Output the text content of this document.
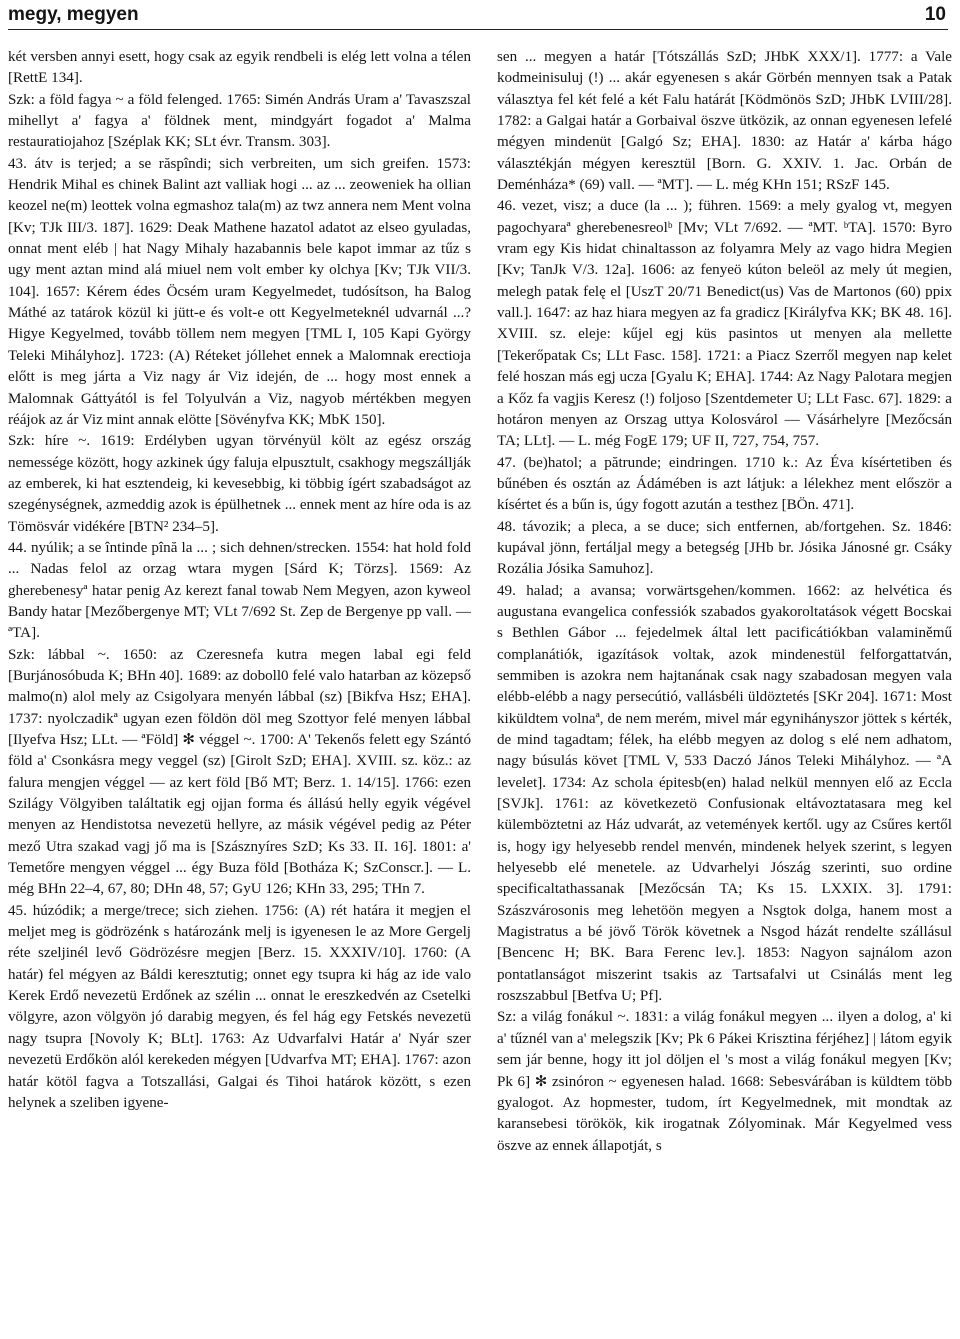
megy, megyen	10

két versben annyi esett, hogy csak az egyik rendbeli is elég lett volna a télen [RettE 134].

Szk: a föld fagya ~ a föld felenged. 1765: Simén András Uram a' Tavaszszal mihellyt a' fagya a' földnek ment, mindgyárt fogadot a' Malma restauratiojahoz [Széplak KK; SLt évr. Transm. 303].

43. átv is terjed; a se răspîndi; sich verbreiten, um sich greifen. 1573: Hendrik Mihal es chinek Balint azt valliak hogi ... az ... zeoweniek ha ollian keozel ne(m) leottek volna egmashoz tala(m) az twz annera nem Ment volna [Kv; TJk III/3. 187]. 1629: Deak Mathene hazatol adatot az elseo gyuladas, onnat ment eléb | hat Nagy Mihaly hazabannis bele kapot immar az tűz s ugy ment aztan mind alá miuel nem volt ember ky olchya [Kv; TJk VII/3. 104]. 1657: Kérem édes Öcsém uram Kegyelmedet, tudósítson, ha Balog Máthé az tatárok közül ki jütt-e és volt-e ott Kegyelmeteknél udvarnál ...? Higye Kegyelmed, tovább töllem nem megyen [TML I, 105 Kapi György Teleki Mihályhoz]. 1723: (A) Réteket jóllehet ennek a Malomnak erectioja előtt is meg járta a Viz nagy ár Viz idején, de ... hogy most ennek a Malomnak Gáttyától is fel Tolyulván a Viz, nagyob mértékben megyen réájok az ár Viz mint annak elötte [Sövényfva KK; MbK 150].

Szk: híre ~. 1619: Erdélyben ugyan törvényül költ az egész ország nemessége között, hogy azkinek úgy faluja elpusztult, csakhogy megszállják az emberek, ki hat esztendeig, ki kevesebbig, ki többig ígért szabadságot az szegénységnek, azmeddig azok is épülhetnek ... ennek ment az híre oda is az Tömösvár vidékére [BTN² 234–5].

44. nyúlik; a se întinde pînă la ... ; sich dehnen/strecken. 1554: hat hold fold ... Nadas felol az orzag wtara mygen [Sárd K; Törzs]. 1569: Az gherebenesyª hatar penig Az kerezt fanal towab Nem Megyen, azon kyweol Bandy hatar [Mezőbergenye MT; VLt 7/692 St. Zep de Bergenye pp vall. — ªTA].

Szk: lábbal ~. 1650: az Czeresnefa kutra megen labal egi feld [Burjánosóbuda K; BHn 40]. 1689: az doboll0 felé valo hatarban az közepső malmo(n) alol mely az Csigolyara menyén lábbal (sz) [Bikfva Hsz; EHA]. 1737: nyolczadikª ugyan ezen földön döl meg Szottyor felé menyen lábbal [Ilyefva Hsz; LLt. — ªFöld] ✻ véggel ~. 1700: A' Tekenős felett egy Szántó föld a' Csonkásra megy veggel (sz) [Girolt SzD; EHA]. XVIII. sz. köz.: az falura mengjen véggel — az kert föld [Bő MT; Berz. 1. 14/15]. 1766: ezen Szilágy Völgyiben találtatik egj ojjan forma és állású helly egyik végével menyen az Hendistotsa nevezetü hellyre, az másik végével pedig az Péter mező Utra szakad vagj jő ma is [Szásznyíres SzD; Ks 33. II. 16]. 1801: a' Temetőre mengyen véggel ... égy Buza föld [Botháza K; SzConscr.]. — L. még BHn 22–4, 67, 80; DHn 48, 57; GyU 126; KHn 33, 295; THn 7.

45. húzódik; a merge/trece; sich ziehen. 1756: (A) rét határa it megjen el meljet meg is gödrözénk s határozánk melj is igyenesen le az More Gergelj réte szeljinél levő Gödrözésre megjen [Berz. 15. XXXIV/10]. 1760: (A határ) fel mégyen az Báldi keresztutig; onnet egy tsupra ki hág az ide valo Kerek Erdő nevezetü Erdőnek az szélin ... onnat le ereszkedvén az Csetelki völgyre, azon völgyön jó darabig megyen, és fel hág egy Fetskés nevezetü nagy tsupra [Novoly K; BLt]. 1763: Az Udvarfalvi Határ a' Nyár szer nevezetü Erdőkön alól kerekeden mégyen [Udvarfva MT; EHA]. 1767: azon határ kötöl fagva a Totszallási, Galgai és Tihoi határok között, s ezen helynek a szeliben igyene-

sen ... megyen a határ [Tótszállás SzD; JHbK XXX/1]. 1777: a Vale kodmeinisuluj (!) ... akár egyenesen s akár Görbén mennyen tsak a Patak választya fel két felé a két Falu határát [Ködmönös SzD; JHbK LVIII/28]. 1782: a Galgai határ a Gorbaival öszve ütközik, az onnan egyenesen lefelé mégyen mindenüt [Galgó Sz; EHA]. 1830: az Határ a' kárba hágo választékján mégyen keresztül [Born. G. XXIV. 1. Jac. Orbán de Deménháza* (69) vall. — ªMT]. — L. még KHn 151; RSzF 145.

46. vezet, visz; a duce (la ... ); führen. 1569: a mely gyalog vt, megyen pagochyaraª gherebenesreolᵇ [Mv; VLt 7/692. — ªMT. ᵇTA]. 1570: Byro vram egy Kis hidat chinaltasson az folyamra Mely az vago hidra Megien [Kv; TanJk V/3. 12a]. 1606: az fenyeö kúton beleöl az mely út megien, melegh patak felę el [UszT 20/71 Benedict(us) Vas de Martonos (60) ppix vall.]. 1647: az haz hiara megyen az fa gradicz [Királyfva KK; BK 48. 16]. XVIII. sz. eleje: kűjel egj küs pasintos ut menyen ala mellette [Tekerőpatak Cs; LLt Fasc. 158]. 1721: a Piacz Szerről megyen nap kelet felé hoszan más egj ucza [Gyalu K; EHA]. 1744: Az Nagy Palotara megjen a Kőz fa vagjis Keresz (!) foljoso [Szentdemeter U; LLt Fasc. 67]. 1829: a hotáron menyen az Orszag uttya Kolosvárol — Vásárhelyre [Mezőcsán TA; LLt]. — L. még FogE 179; UF II, 727, 754, 757.

47. (be)hatol; a pătrunde; eindringen. 1710 k.: Az Éva kísértetiben és bűnében és osztán az Ádámében is azt látjuk: a lélekhez ment először a kísértet és a bűn is, úgy fogott azután a testhez [BÖn. 471].

48. távozik; a pleca, a se duce; sich entfernen, ab/fortgehen. Sz. 1846: kupával jönn, fertáljal megy a betegség [JHb br. Jósika Jánosné gr. Csáky Rozália Jósika Samuhoz].

49. halad; a avansa; vorwärtsgehen/kommen. 1662: az helvética és augustana evangelica confessiók szabados gyakoroltatások végett Bocskai s Bethlen Gábor ... fejedelmek által lett pacificátiókban valaminěmű complanátiók, igazítások voltak, azok mindenestül felforgattatván, semmiben is azokra nem hajtanának csak nagy szabadosan megyen vala elébb-elébb a nagy persecútió, vallásbéli üldöztetés [SKr 204]. 1671: Most kiküldtem volnaª, de nem merém, mivel már egynihányszor jöttek s kérték, de mind tagadtam; félek, ha elébb megyen az dolog s elé nem adhatom, nagy búsulás követ [TML V, 533 Daczó János Teleki Mihályhoz. — ªA levelet]. 1734: Az schola épitesb(en) halad nelkül mennyen elő az Eccla [SVJk]. 1761: az következetö Confusionak eltávoztatasara meg kel külemböztetni az Ház udvarát, az vetemények kertől. ugy az Csűres kertől is, hogy igy helyesebb rendel menvén, mindenek helyek szerint, s legyen helyesebb elé menetele. az Udvarhelyi Jószág szerinti, suo ordine specificaltathassanak [Mezőcsán TA; Ks 15. LXXIX. 3]. 1791: Szászvárosonis meg lehetöön megyen a Nsgtok dolga, hanem most a Magistratus a bé jövő Török követnek a Nsgod házát rendelte szállásul [Bencenc H; BK. Bara Ferenc lev.]. 1853: Nagyon sajnálom azon pontatlanságot miszerint tsakis az Tartsafalvi ut Csinálás ment leg roszszabbul [Betfva U; Pf].

Sz: a világ fonákul ~. 1831: a világ fonákul megyen ... ilyen a dolog, a' ki a' tűznél van a' melegszik [Kv; Pk 6 Pákei Krisztina férjéhez] | látom egyik sem jár benne, hogy itt jol döljen el 's most a világ fonákul megyen [Kv; Pk 6] ✻ zsinóron ~ egyenesen halad. 1668: Sebesvárában is küldtem több gyalogot. Az hopmester, tudom, írt Kegyelmednek, mit mondtak az karansebesi törökök, kik irogatnak Zólyominak. Már Kegyelmed vess öszve az ennek állapotját, s
